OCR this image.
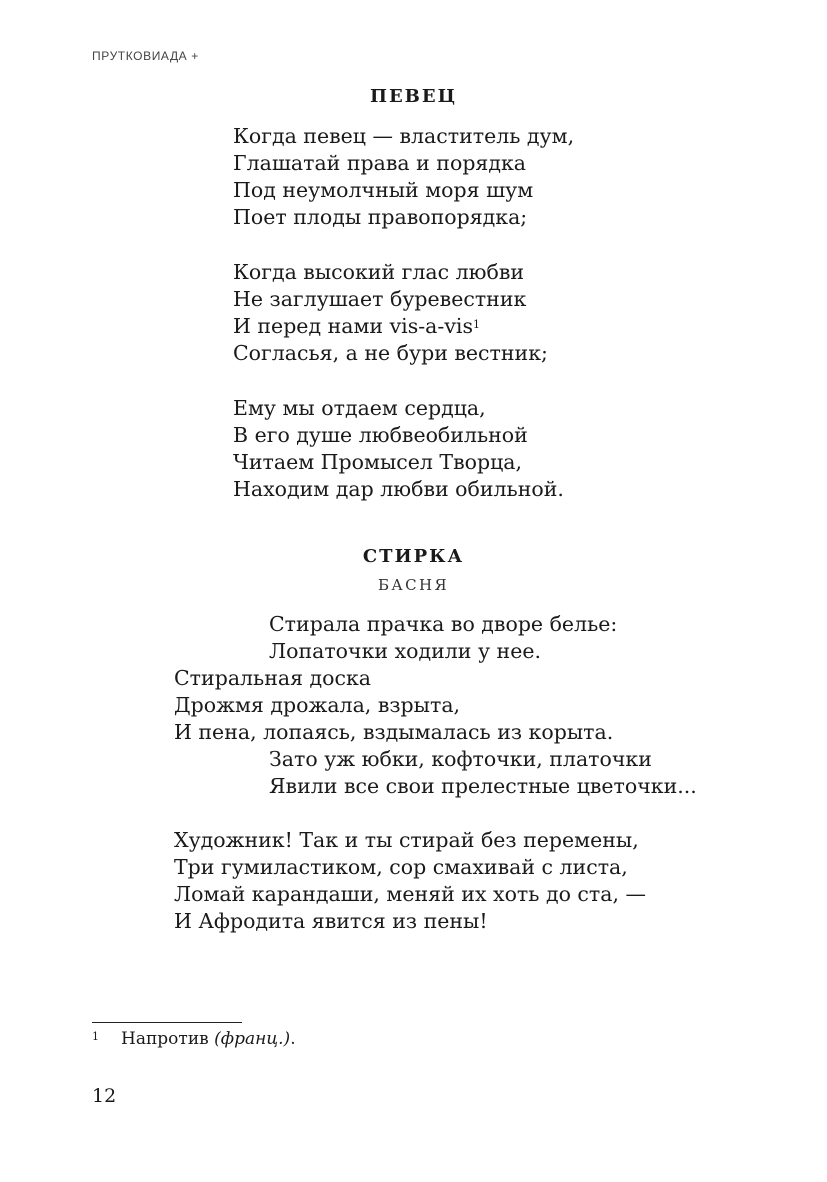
ПРУТКОВИАДА +
ПЕВЕЦ
Когда певец — властитель дум,
Глашатай права и порядка
Под неумолчный моря шум
Поет плоды правопорядка;
Когда высокий глас любви
Не заглушает буревестник
И перед нами vis-a-vis$^1$
Согласья, а не бури вестник;
Ему мы отдаем сердца,
В его душе любвеобильной
Читаем Промысел Творца,
Находим дар любви обильной.
СТИРКА
БАСНЯ
Стирала прачка во дворе белье:
Лопаточки ходили у нее.
Стиральная доска
Дрожмя дрожала, взрыта,
И пена, лопаясь, вздымалась из корыта.
Зато уж юбки, кофточки, платочки
Явили все свои прелестные цветочки...
Художник! Так и ты стирай без перемены,
Три гумиластиком, сор смахивай с листа,
Ломай карандаши, меняй их хоть до ста, —
И Афродита явится из пены!
1 Напротив (франц.).
12
